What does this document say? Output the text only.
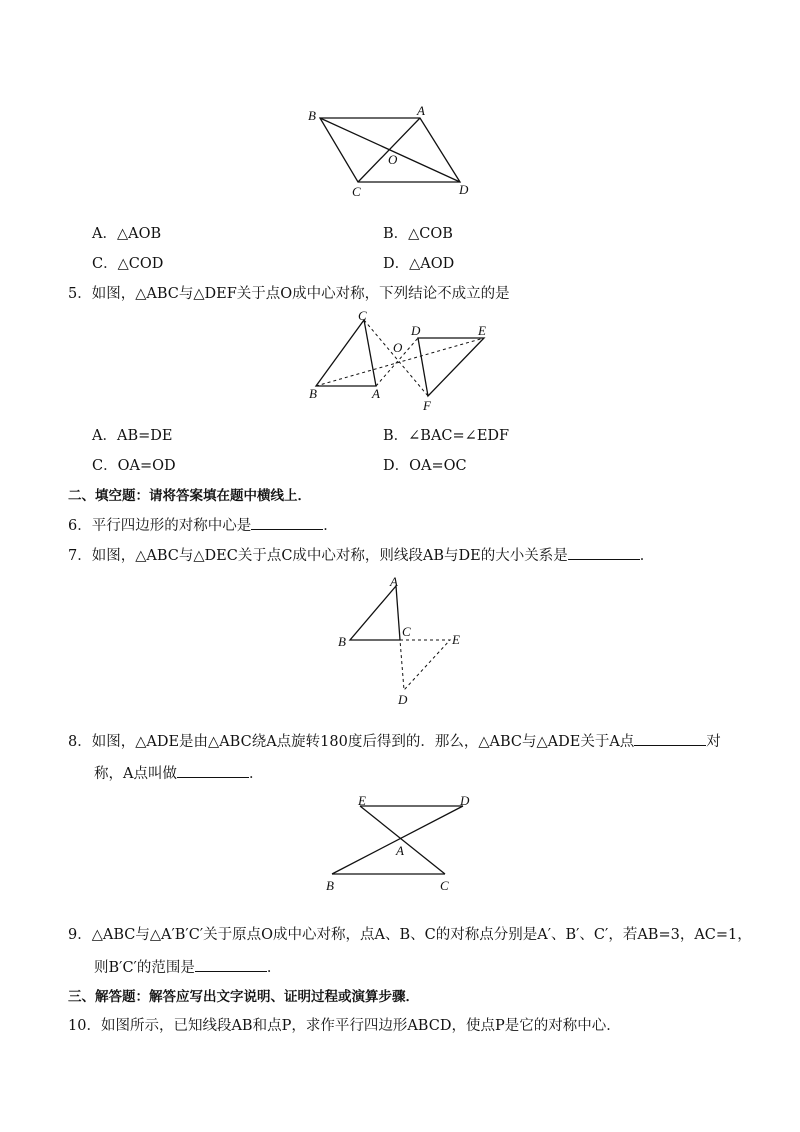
B	A
O
C	D
A．△AOB	B．△COB
C．△COD	D．△AOD
5．如图，△ABC与△DEF关于点O成中心对称，下列结论不成立的是
C
D	E
O
B	A
F
A．AB=DE	B．∠BAC=∠EDF
C．OA=OD	D．OA=OC
二、填空题：请将答案填在题中横线上．
6．平行四边形的对称中心是	．
7．如图，△ABC与△DEC关于点C成中心对称，则线段AB与DE的大小关系是	．
A
B
C
E
D
8．如图，△ADE是由△ABC绕A点旋转180度后得到的．那么，△ABC与△ADE关于A点	对
称，A点叫做	．
E	D
A
B	C
9．△ABC与△A′B′C′关于原点O成中心对称，点A、B、C的对称点分别是A′、B′、C′，若AB=3，AC=1，
则B′C′的范围是	．
三、解答题：解答应写出文字说明、证明过程或演算步骤．
10．如图所示，已知线段AB和点P，求作平行四边形ABCD，使点P是它的对称中心．
